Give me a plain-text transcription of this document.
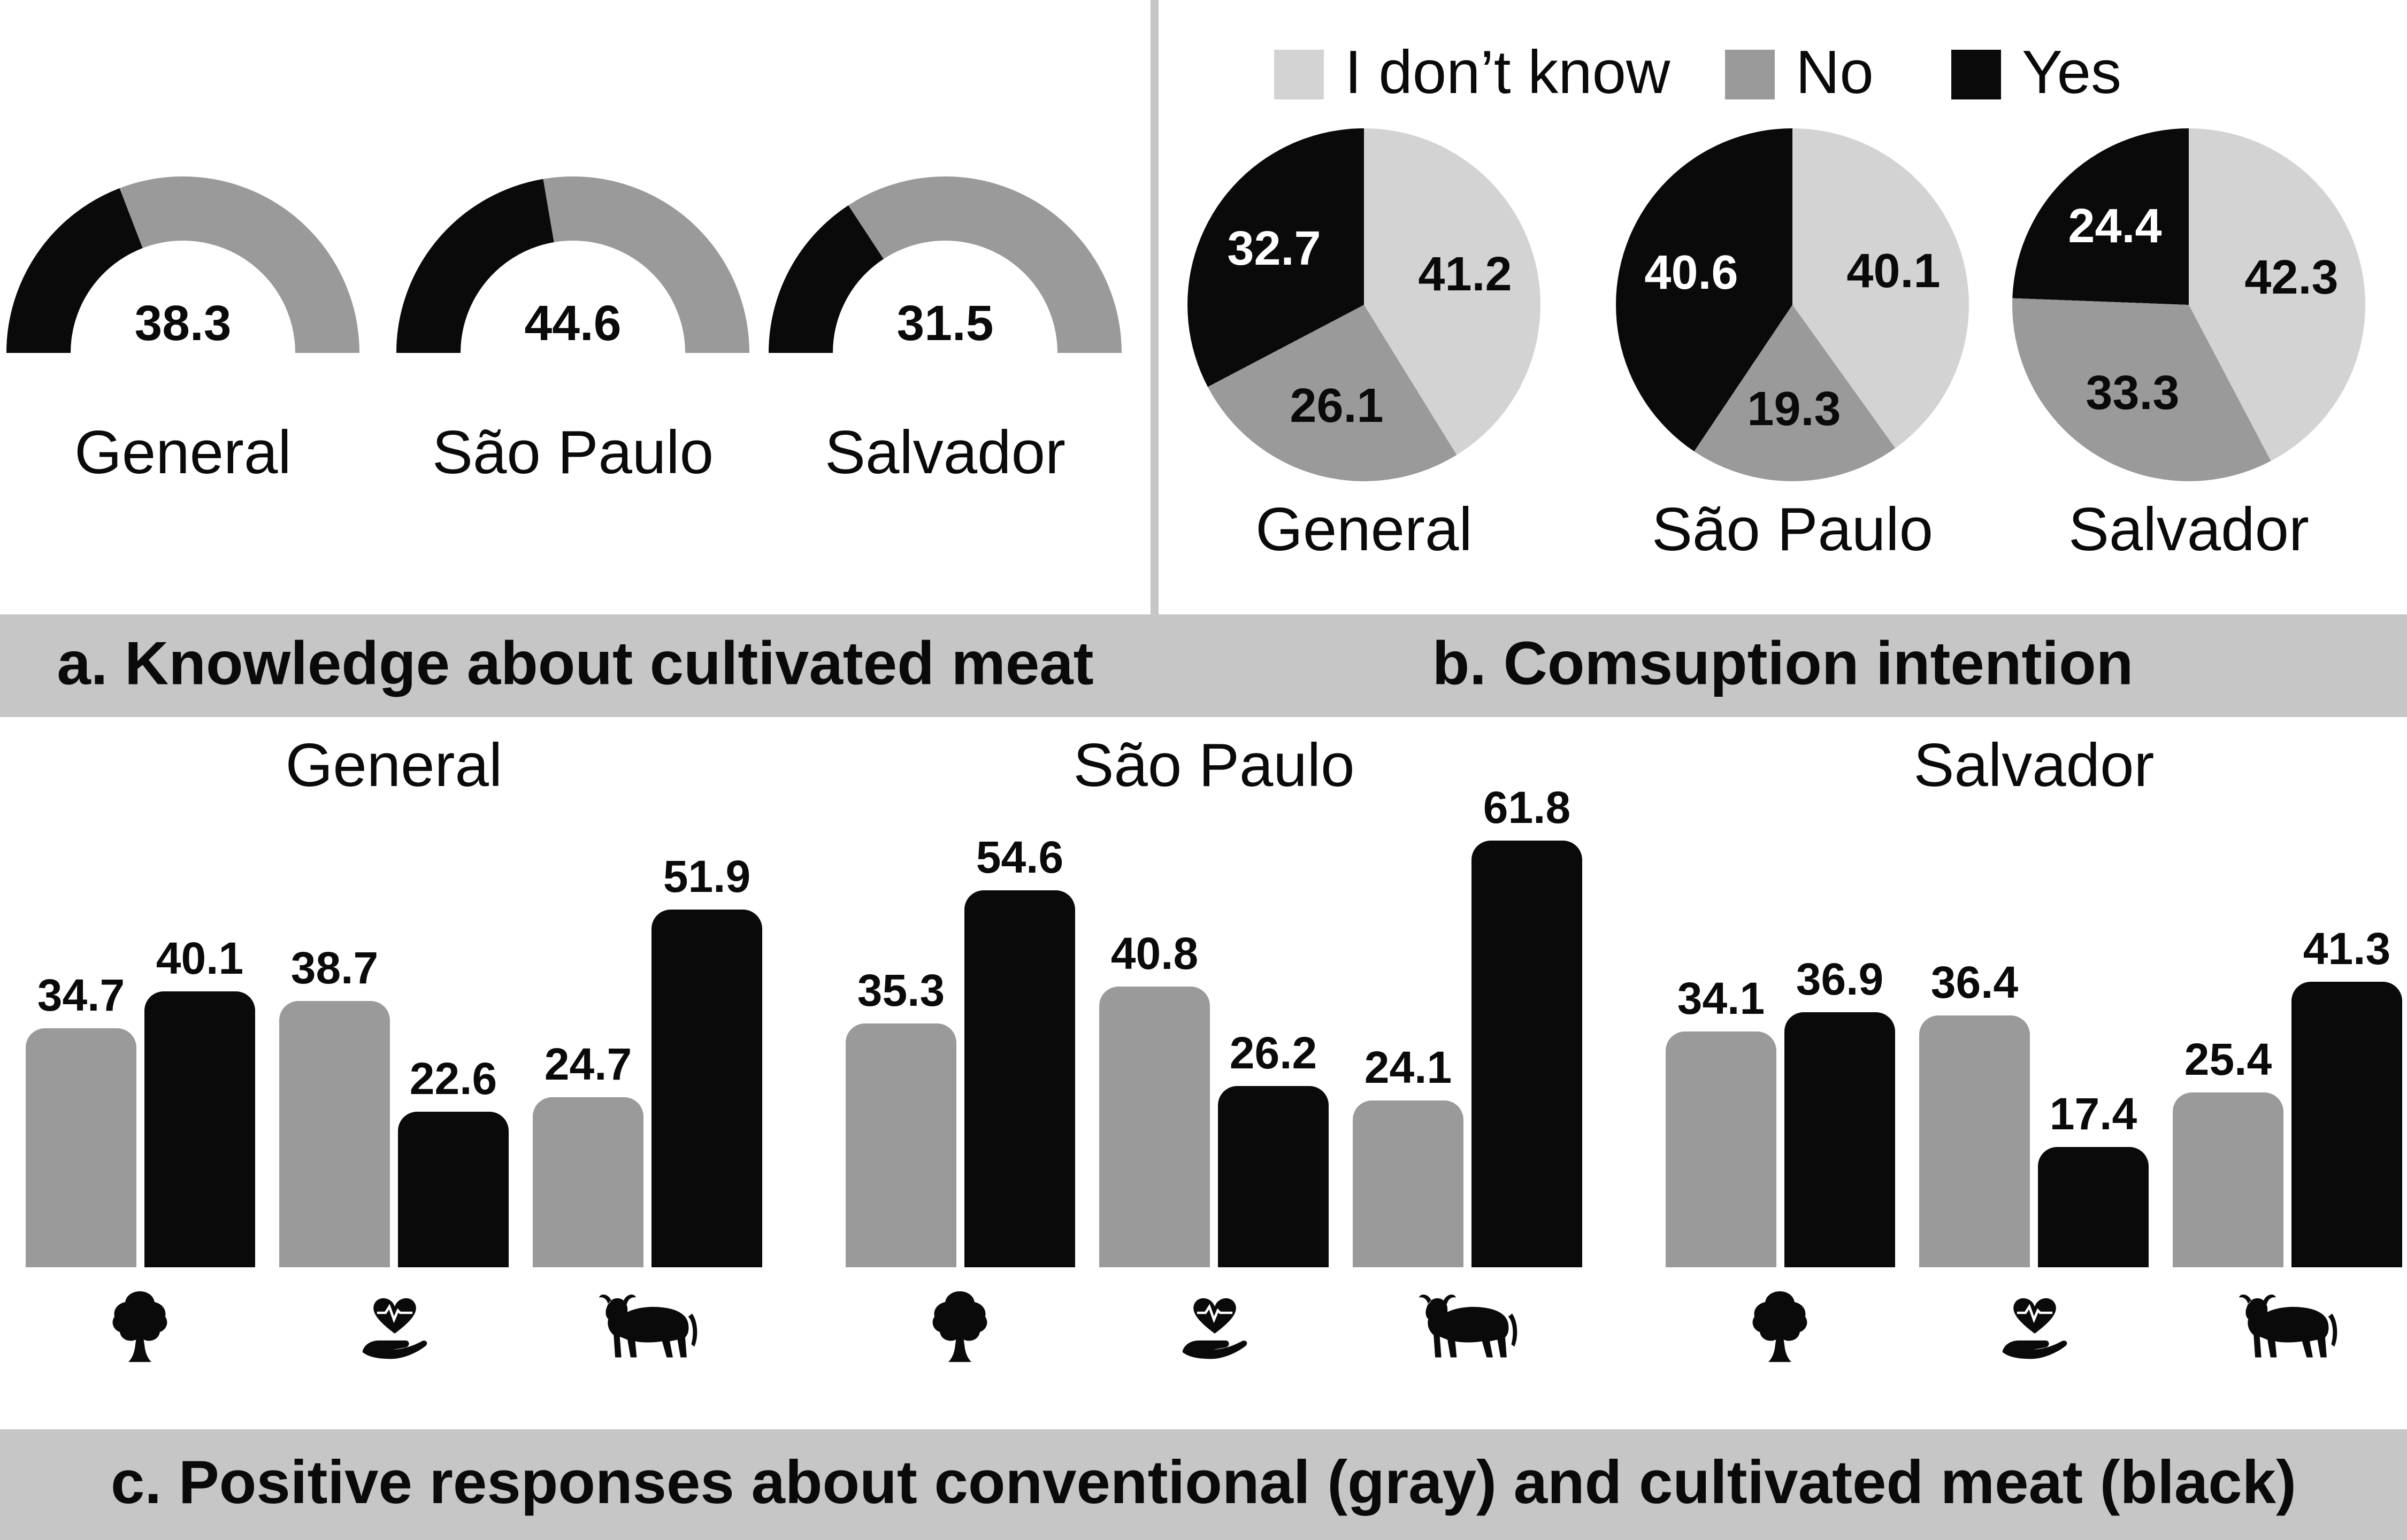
38.3
General
44.6
São Paulo
31.5
Salvador
I don’t know	No	Yes
41.2
26.1
32.7
General
40.1
19.3
40.6
São Paulo
42.3
33.3
24.4
Salvador
a. Knowledge about cultivated meat	b. Comsuption intention
General
34.7
40.1	38.7
22.6	24.7
51.9
São Paulo
35.3
54.6
40.8
26.2	24.1
61.8
Salvador
34.1 36.9	36.4
17.4
25.4
41.3
c. Positive responses about conventional (gray) and cultivated meat (black)
